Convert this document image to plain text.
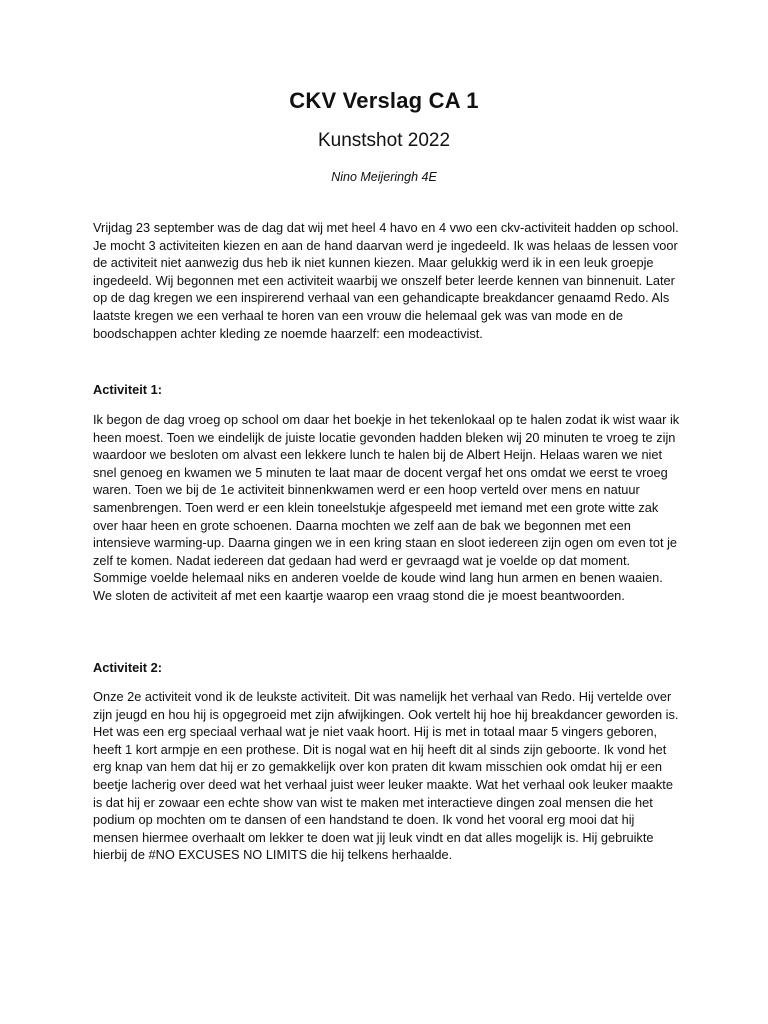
CKV Verslag CA 1
Kunstshot 2022
Nino Meijeringh 4E

Vrijdag 23 september was de dag dat wij met heel 4 havo en 4 vwo een ckv-activiteit hadden op school. Je mocht 3 activiteiten kiezen en aan de hand daarvan werd je ingedeeld. Ik was helaas de lessen voor de activiteit niet aanwezig dus heb ik niet kunnen kiezen. Maar gelukkig werd ik in een leuk groepje ingedeeld. Wij begonnen met een activiteit waarbij we onszelf beter leerde kennen van binnenuit. Later op de dag kregen we een inspirerend verhaal van een gehandicapte breakdancer genaamd Redo. Als laatste kregen we een verhaal te horen van een vrouw die helemaal gek was van mode en de boodschappen achter kleding ze noemde haarzelf: een modeactivist.

Activiteit 1:

Ik begon de dag vroeg op school om daar het boekje in het tekenlokaal op te halen zodat ik wist waar ik heen moest. Toen we eindelijk de juiste locatie gevonden hadden bleken wij 20 minuten te vroeg te zijn waardoor we besloten om alvast een lekkere lunch te halen bij de Albert Heijn. Helaas waren we niet snel genoeg en kwamen we 5 minuten te laat maar de docent vergaf het ons omdat we eerst te vroeg waren. Toen we bij de 1e activiteit binnenkwamen werd er een hoop verteld over mens en natuur samenbrengen. Toen werd er een klein toneelstukje afgespeeld met iemand met een grote witte zak over haar heen en grote schoenen. Daarna mochten we zelf aan de bak we begonnen met een intensieve warming-up. Daarna gingen we in een kring staan en sloot iedereen zijn ogen om even tot je zelf te komen. Nadat iedereen dat gedaan had werd er gevraagd wat je voelde op dat moment. Sommige voelde helemaal niks en anderen voelde de koude wind lang hun armen en benen waaien. We sloten de activiteit af met een kaartje waarop een vraag stond die je moest beantwoorden.

Activiteit 2:

Onze 2e activiteit vond ik de leukste activiteit. Dit was namelijk het verhaal van Redo. Hij vertelde over zijn jeugd en hou hij is opgegroeid met zijn afwijkingen. Ook vertelt hij hoe hij breakdancer geworden is. Het was een erg speciaal verhaal wat je niet vaak hoort. Hij is met in totaal maar 5 vingers geboren, heeft 1 kort armpje en een prothese. Dit is nogal wat en hij heeft dit al sinds zijn geboorte. Ik vond het erg knap van hem dat hij er zo gemakkelijk over kon praten dit kwam misschien ook omdat hij er een beetje lacherig over deed wat het verhaal juist weer leuker maakte. Wat het verhaal ook leuker maakte is dat hij er zowaar een echte show van wist te maken met interactieve dingen zoal mensen die het podium op mochten om te dansen of een handstand te doen. Ik vond het vooral erg mooi dat hij mensen hiermee overhaalt om lekker te doen wat jij leuk vindt en dat alles mogelijk is. Hij gebruikte hierbij de #NO EXCUSES NO LIMITS die hij telkens herhaalde.
